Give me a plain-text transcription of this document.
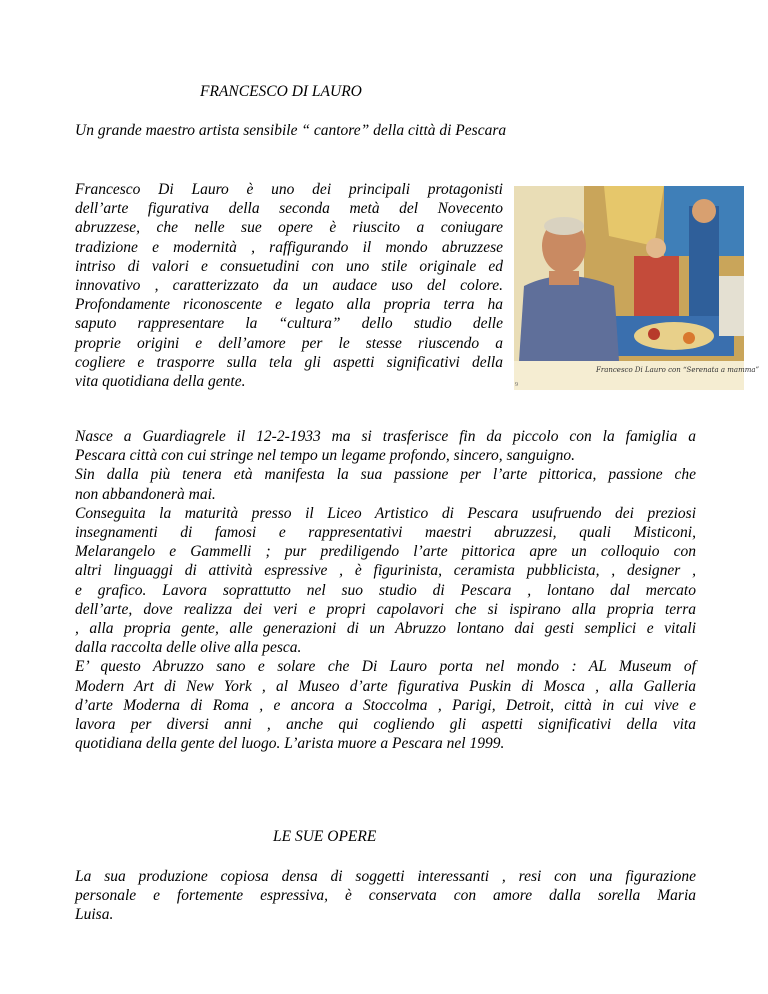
FRANCESCO DI LAURO
Un grande maestro artista sensibile “ cantore” della città di Pescara
Francesco Di Lauro è uno dei principali protagonisti
dell’arte figurativa della seconda metà del Novecento
abruzzese, che nelle sue opere è riuscito a coniugare
tradizione e modernità , raffigurando il mondo abruzzese
intriso di valori e consuetudini con uno stile originale ed
innovativo , caratterizzato da un audace uso del colore.
Profondamente riconoscente e legato alla propria terra ha
saputo rappresentare la “cultura” dello studio delle
proprie origini e dell’amore per le stesse riuscendo a
cogliere e trasporre sulla tela gli aspetti significativi della
vita quotidiana della gente.
Francesco Di Lauro con “Serenata a mamma”
9
Nasce a Guardiagrele il 12-2-1933 ma si trasferisce fin da piccolo con la famiglia a
Pescara città con cui stringe nel tempo un legame profondo, sincero, sanguigno.
Sin dalla più tenera età manifesta la sua passione per l’arte pittorica, passione che
non abbandonerà mai.
Conseguita la maturità presso il Liceo Artistico di Pescara usufruendo dei preziosi
insegnamenti di famosi e rappresentativi maestri abruzzesi, quali Misticoni,
Melarangelo e Gammelli ; pur prediligendo l’arte pittorica apre un colloquio con
altri linguaggi di attività espressive , è figurinista, ceramista pubblicista, , designer ,
e grafico. Lavora soprattutto nel suo studio di Pescara , lontano dal mercato
dell’arte, dove realizza dei veri e propri capolavori che si ispirano alla propria terra
, alla propria gente, alle generazioni di un Abruzzo lontano dai gesti semplici e vitali
dalla raccolta delle olive alla pesca.
E’ questo Abruzzo sano e solare che Di Lauro porta nel mondo : AL Museum of
Modern Art di New York , al Museo d’arte figurativa Puskin di Mosca , alla Galleria
d’arte Moderna di Roma , e ancora a Stoccolma , Parigi, Detroit, città in cui vive e
lavora per diversi anni , anche qui cogliendo gli aspetti significativi della vita
quotidiana della gente del luogo. L’arista muore a Pescara nel 1999.
LE SUE OPERE
La sua produzione copiosa densa di soggetti interessanti , resi con una figurazione
personale e fortemente espressiva, è conservata con amore dalla sorella Maria
Luisa.
